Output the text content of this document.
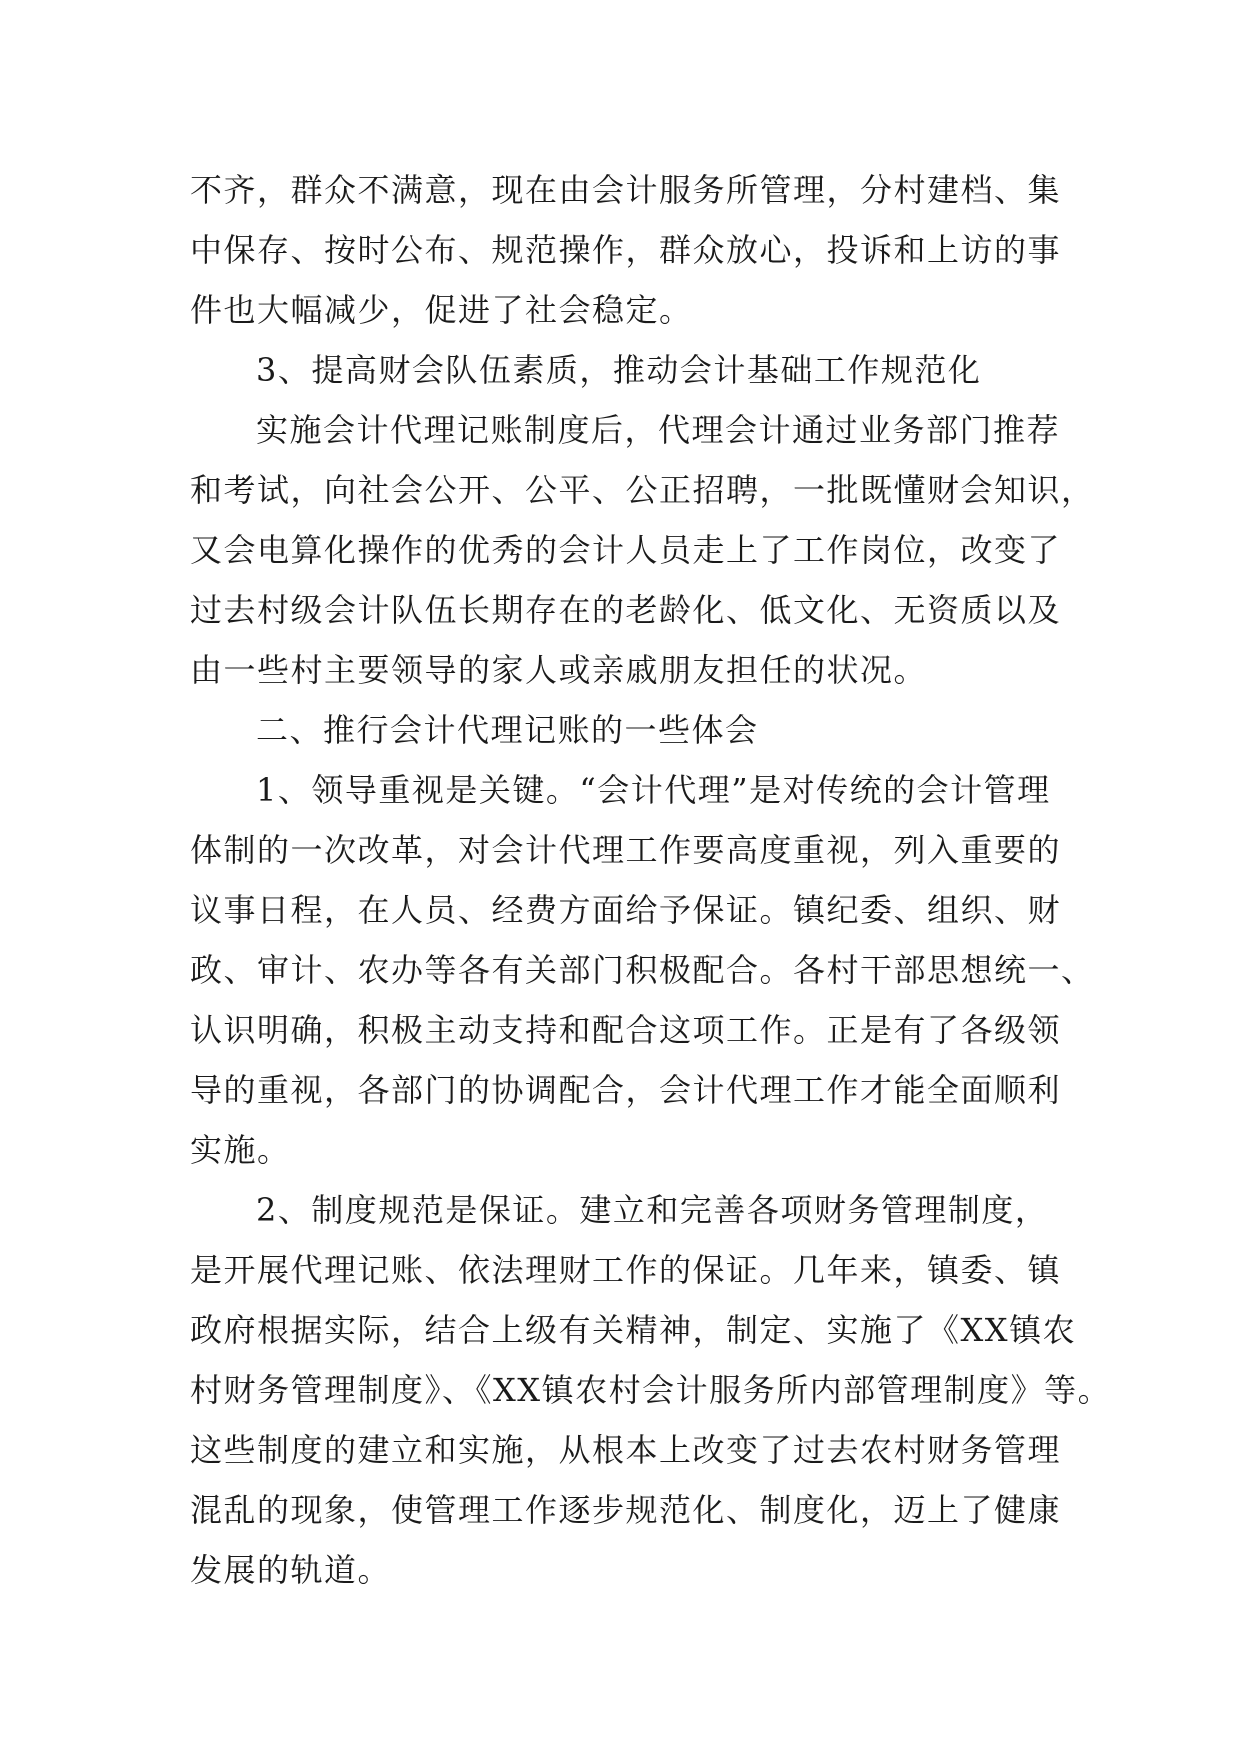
不齐，群众不满意，现在由会计服务所管理，分村建档、集
中保存、按时公布、规范操作，群众放心，投诉和上访的事
件也大幅减少，促进了社会稳定。
3、提高财会队伍素质，推动会计基础工作规范化
实施会计代理记账制度后，代理会计通过业务部门推荐
和考试，向社会公开、公平、公正招聘，一批既懂财会知识，
又会电算化操作的优秀的会计人员走上了工作岗位，改变了
过去村级会计队伍长期存在的老龄化、低文化、无资质以及
由一些村主要领导的家人或亲戚朋友担任的状况。
二、推行会计代理记账的一些体会
1、领导重视是关键。“会计代理”是对传统的会计管理
体制的一次改革，对会计代理工作要高度重视，列入重要的
议事日程，在人员、经费方面给予保证。镇纪委、组织、财
政、审计、农办等各有关部门积极配合。各村干部思想统一、
认识明确，积极主动支持和配合这项工作。正是有了各级领
导的重视，各部门的协调配合，会计代理工作才能全面顺利
实施。
2、制度规范是保证。建立和完善各项财务管理制度，
是开展代理记账、依法理财工作的保证。几年来，镇委、镇
政府根据实际，结合上级有关精神，制定、实施了《XX镇农
村财务管理制度》、《XX镇农村会计服务所内部管理制度》等。
这些制度的建立和实施，从根本上改变了过去农村财务管理
混乱的现象，使管理工作逐步规范化、制度化，迈上了健康
发展的轨道。
